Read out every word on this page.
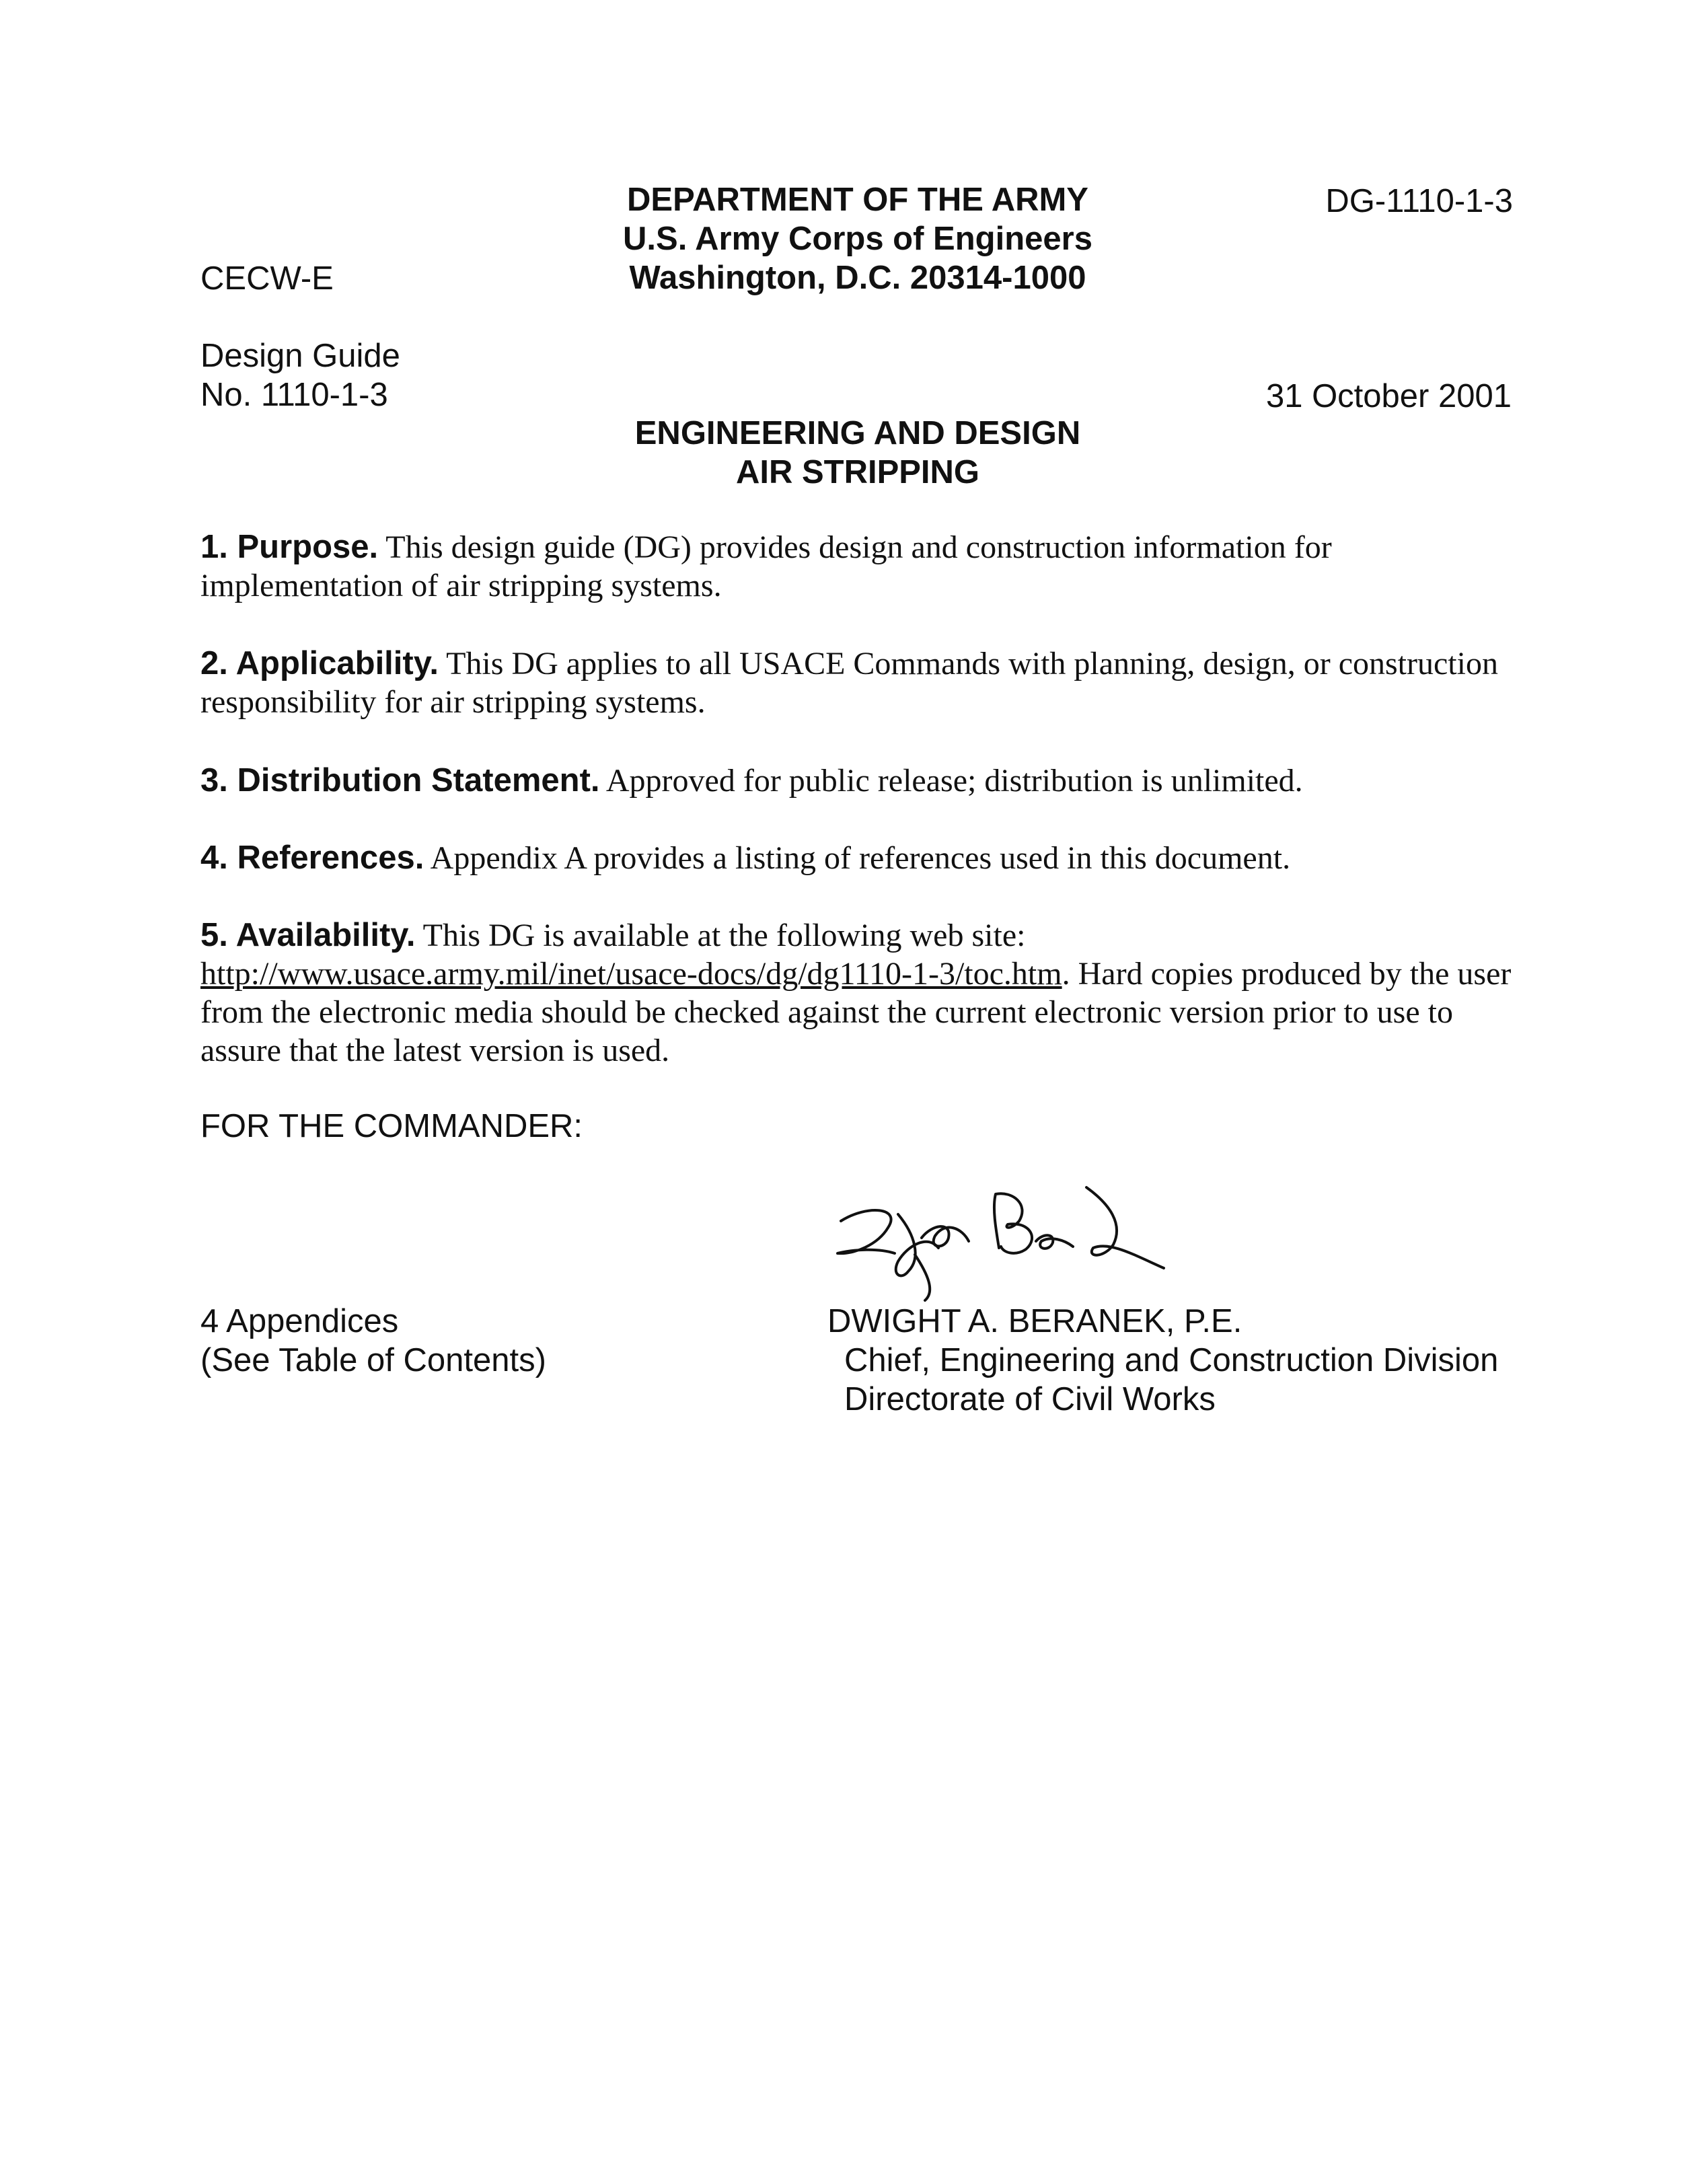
DEPARTMENT OF THE ARMY
U.S. Army Corps of Engineers
Washington, D.C. 20314-1000
DG-1110-1-3
CECW-E
Design Guide
No. 1110-1-3	31 October 2001
ENGINEERING AND DESIGN
AIR STRIPPING
1. Purpose. This design guide (DG) provides design and construction information for implementation of air stripping systems.
2. Applicability. This DG applies to all USACE Commands with planning, design, or construction responsibility for air stripping systems.
3. Distribution Statement. Approved for public release; distribution is unlimited.
4. References. Appendix A provides a listing of references used in this document.
5. Availability. This DG is available at the following web site:
http://www.usace.army.mil/inet/usace-docs/dg/dg1110-1-3/toc.htm. Hard copies produced by the user from the electronic media should be checked against the current electronic version prior to use to assure that the latest version is used.
FOR THE COMMANDER:
4 Appendices
(See Table of Contents)
DWIGHT A. BERANEK, P.E.
Chief, Engineering and Construction Division
Directorate of Civil Works
